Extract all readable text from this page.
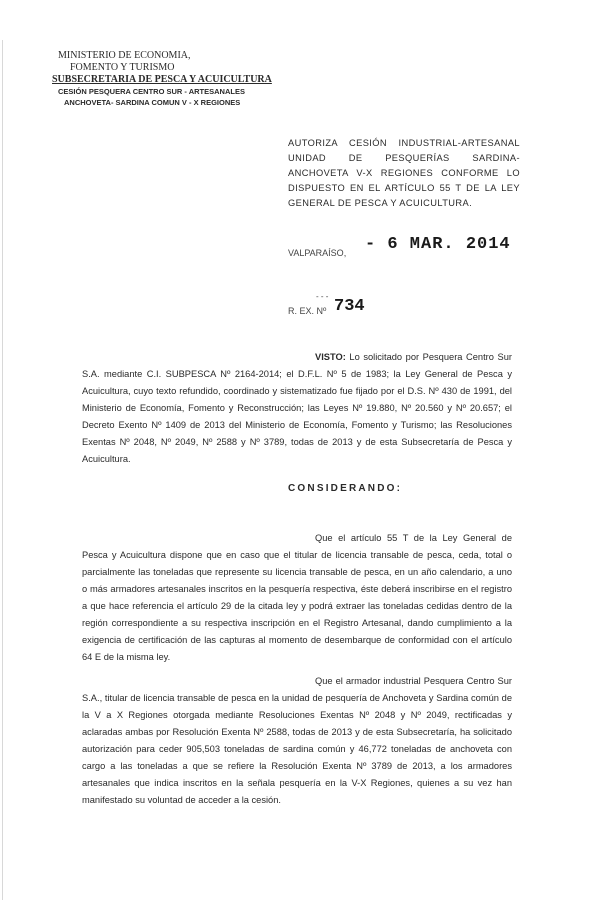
MINISTERIO DE ECONOMIA,
FOMENTO Y TURISMO
SUBSECRETARIA DE PESCA Y ACUICULTURA
CESIÓN PESQUERA CENTRO SUR - ARTESANALES
ANCHOVETA- SARDINA COMUN V - X REGIONES
AUTORIZA CESIÓN INDUSTRIAL-ARTESANAL UNIDAD DE PESQUERÍAS SARDINA-ANCHOVETA V-X REGIONES CONFORME LO DISPUESTO EN EL ARTÍCULO 55 T DE LA LEY GENERAL DE PESCA Y ACUICULTURA.
VALPARAÍSO, - 6 MAR. 2014
- - -
R. EX. Nº 734
VISTO: Lo solicitado por Pesquera Centro Sur S.A. mediante C.I. SUBPESCA Nº 2164-2014; el D.F.L. Nº 5 de 1983; la Ley General de Pesca y Acuicultura, cuyo texto refundido, coordinado y sistematizado fue fijado por el D.S. Nº 430 de 1991, del Ministerio de Economía, Fomento y Reconstrucción; las Leyes Nº 19.880, Nº 20.560 y Nº 20.657; el Decreto Exento Nº 1409 de 2013 del Ministerio de Economía, Fomento y Turismo; las Resoluciones Exentas Nº 2048, Nº 2049, Nº 2588 y Nº 3789, todas de 2013 y de esta Subsecretaría de Pesca y Acuicultura.
CONSIDERANDO:
Que el artículo 55 T de la Ley General de Pesca y Acuicultura dispone que en caso que el titular de licencia transable de pesca, ceda, total o parcialmente las toneladas que represente su licencia transable de pesca, en un año calendario, a uno o más armadores artesanales inscritos en la pesquería respectiva, éste deberá inscribirse en el registro a que hace referencia el artículo 29 de la citada ley y podrá extraer las toneladas cedidas dentro de la región correspondiente a su respectiva inscripción en el Registro Artesanal, dando cumplimiento a la exigencia de certificación de las capturas al momento de desembarque de conformidad con el artículo 64 E de la misma ley.
Que el armador industrial Pesquera Centro Sur S.A., titular de licencia transable de pesca en la unidad de pesquería de Anchoveta y Sardina común de la V a X Regiones otorgada mediante Resoluciones Exentas Nº 2048 y Nº 2049, rectificadas y aclaradas ambas por Resolución Exenta Nº 2588, todas de 2013 y de esta Subsecretaría, ha solicitado autorización para ceder 905,503 toneladas de sardina común y 46,772 toneladas de anchoveta con cargo a las toneladas a que se refiere la Resolución Exenta Nº 3789 de 2013, a los armadores artesanales que indica inscritos en la señala pesquería en la V-X Regiones, quienes a su vez han manifestado su voluntad de acceder a la cesión.
